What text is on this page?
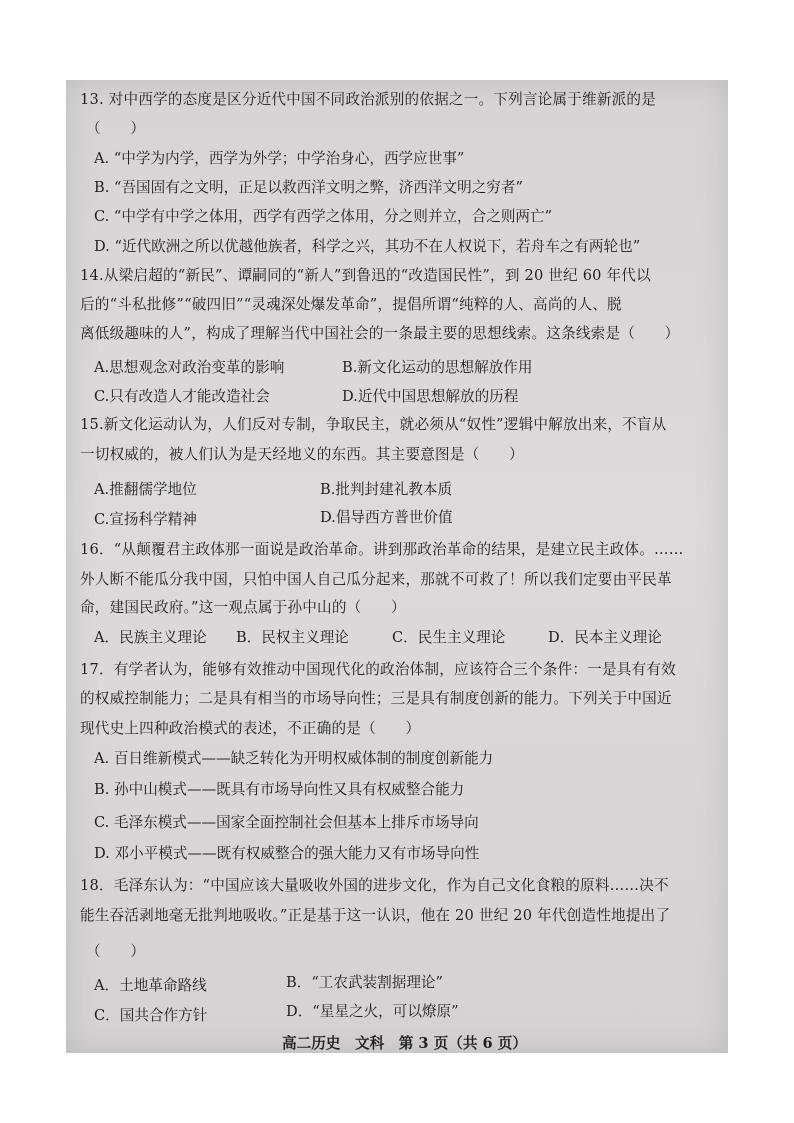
13. 对中西学的态度是区分近代中国不同政治派别的依据之一。下列言论属于维新派的是
（　　）
A. “中学为内学，西学为外学；中学治身心，西学应世事”
B. “吾国固有之文明，正足以救西洋文明之弊，济西洋文明之穷者”
C. “中学有中学之体用，西学有西学之体用，分之则并立，合之则两亡”
D. “近代欧洲之所以优越他族者，科学之兴，其功不在人权说下，若舟车之有两轮也”
14.从梁启超的“新民”、谭嗣同的“新人”到鲁迅的“改造国民性”，到 20 世纪 60 年代以
后的“斗私批修”“破四旧”“灵魂深处爆发革命”，提倡所谓“纯粹的人、高尚的人、脱
离低级趣味的人”，构成了理解当代中国社会的一条最主要的思想线索。这条线索是（　　）
A.思想观念对政治变革的影响	B.新文化运动的思想解放作用
C.只有改造人才能改造社会	D.近代中国思想解放的历程
15.新文化运动认为，人们反对专制，争取民主，就必须从“奴性”逻辑中解放出来，不盲从
一切权威的，被人们认为是天经地义的东西。其主要意图是（　　）
A.推翻儒学地位	B.批判封建礼教本质
C.宣扬科学精神	D.倡导西方普世价值
16．“从颠覆君主政体那一面说是政治革命。讲到那政治革命的结果，是建立民主政体。……
外人断不能瓜分我中国，只怕中国人自己瓜分起来，那就不可救了！所以我们定要由平民革
命，建国民政府。”这一观点属于孙中山的（　　）
A．民族主义理论 B．民权主义理论	C．民生主义理论	D．民本主义理论
17．有学者认为，能够有效推动中国现代化的政治体制，应该符合三个条件：一是具有有效
的权威控制能力；二是具有相当的市场导向性；三是具有制度创新的能力。下列关于中国近
现代史上四种政治模式的表述，不正确的是（　　）
A. 百日维新模式——缺乏转化为开明权威体制的制度创新能力
B. 孙中山模式——既具有市场导向性又具有权威整合能力
C. 毛泽东模式——国家全面控制社会但基本上排斥市场导向
D. 邓小平模式——既有权威整合的强大能力又有市场导向性
18．毛泽东认为：“中国应该大量吸收外国的进步文化，作为自己文化食粮的原料……决不
能生吞活剥地毫无批判地吸收。”正是基于这一认识，他在 20 世纪 20 年代创造性地提出了
（　　）
A．土地革命路线	B．“工农武装割据理论”
C．国共合作方针	D．“星星之火，可以燎原”
高二历史　文科　第 3 页（共 6 页）
